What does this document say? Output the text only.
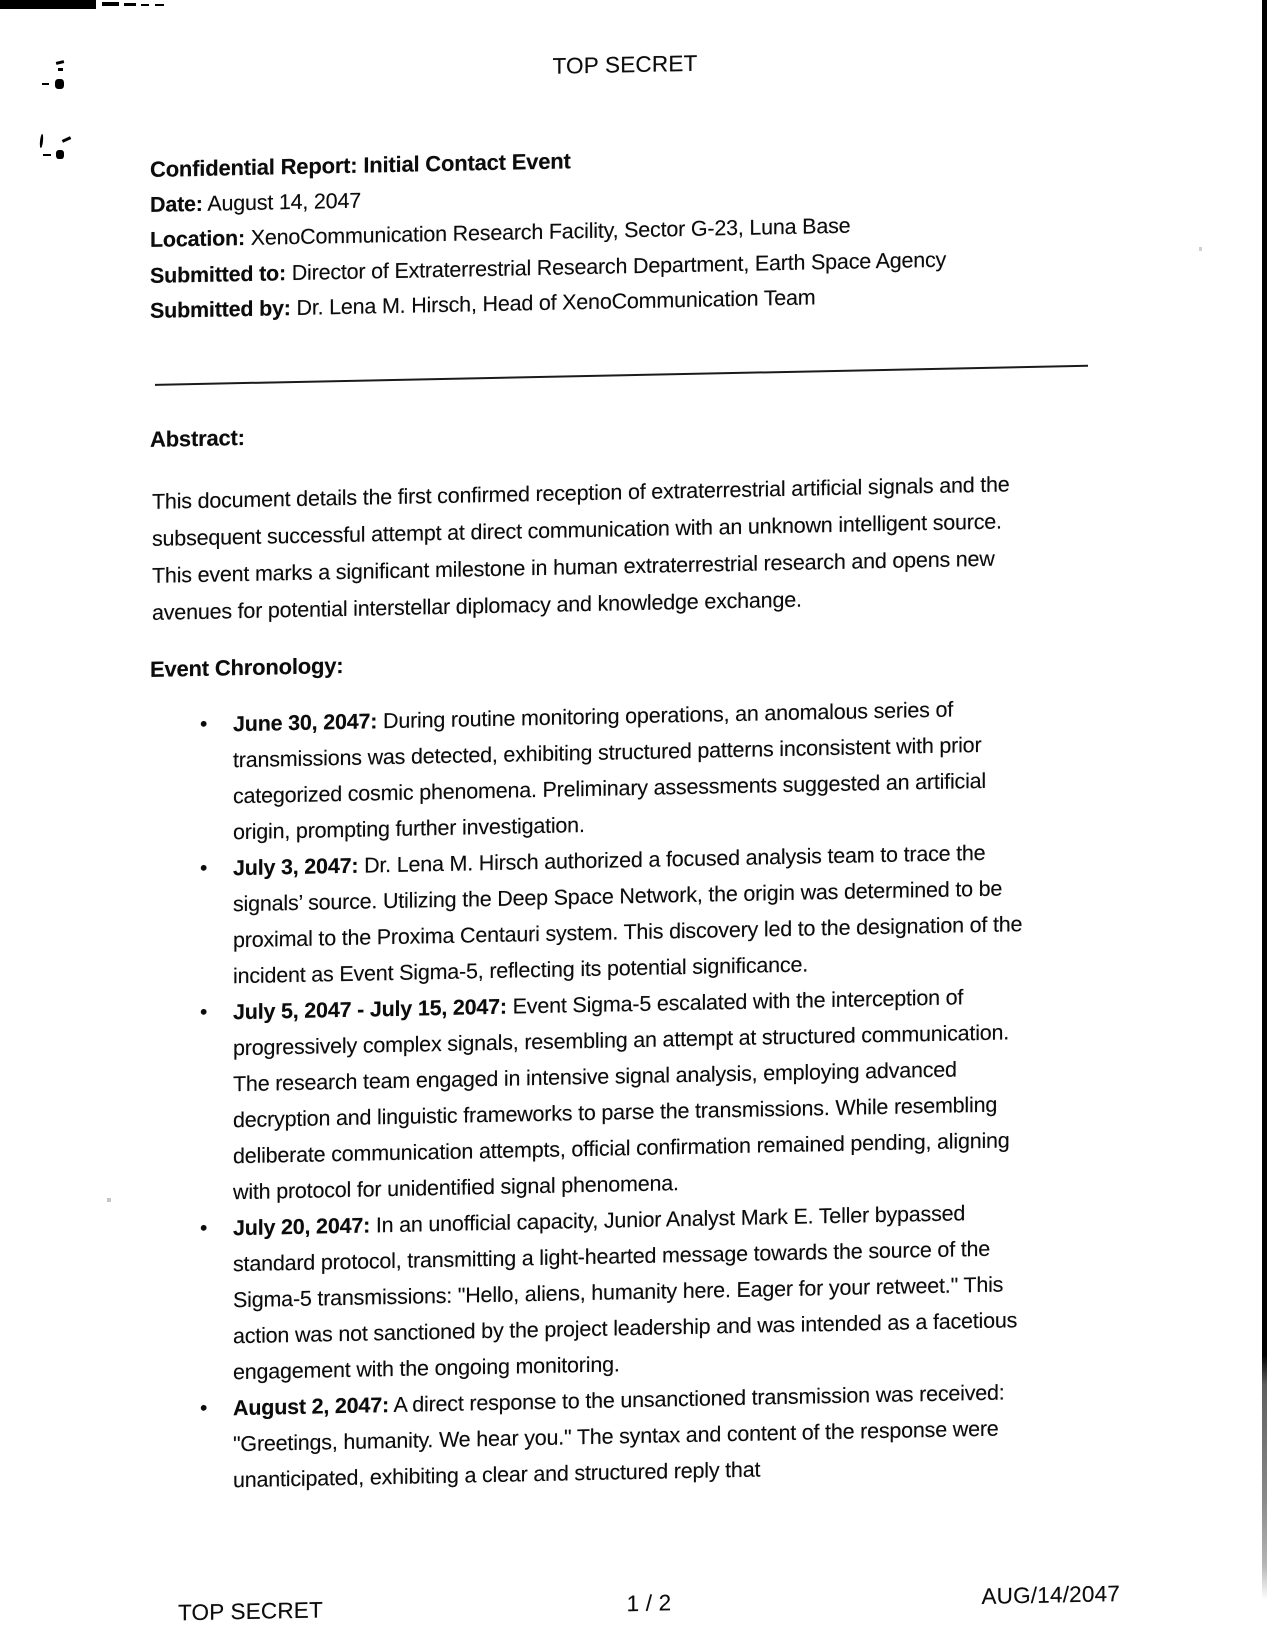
TOP SECRET
Confidential Report: Initial Contact Event
Date: August 14, 2047
Location: XenoCommunication Research Facility, Sector G-23, Luna Base
Submitted to: Director of Extraterrestrial Research Department, Earth Space Agency
Submitted by: Dr. Lena M. Hirsch, Head of XenoCommunication Team
Abstract:

This document details the first confirmed reception of extraterrestrial artificial signals and the subsequent successful attempt at direct communication with an unknown intelligent source. This event marks a significant milestone in human extraterrestrial research and opens new avenues for potential interstellar diplomacy and knowledge exchange.

Event Chronology:
• June 30, 2047: During routine monitoring operations, an anomalous series of transmissions was detected, exhibiting structured patterns inconsistent with prior categorized cosmic phenomena. Preliminary assessments suggested an artificial origin, prompting further investigation.
• July 3, 2047: Dr. Lena M. Hirsch authorized a focused analysis team to trace the signals’ source. Utilizing the Deep Space Network, the origin was determined to be proximal to the Proxima Centauri system. This discovery led to the designation of the incident as Event Sigma-5, reflecting its potential significance.
• July 5, 2047 - July 15, 2047: Event Sigma-5 escalated with the interception of progressively complex signals, resembling an attempt at structured communication. The research team engaged in intensive signal analysis, employing advanced decryption and linguistic frameworks to parse the transmissions. While resembling deliberate communication attempts, official confirmation remained pending, aligning with protocol for unidentified signal phenomena.
• July 20, 2047: In an unofficial capacity, Junior Analyst Mark E. Teller bypassed standard protocol, transmitting a light-hearted message towards the source of the Sigma-5 transmissions: "Hello, aliens, humanity here. Eager for your retweet." This action was not sanctioned by the project leadership and was intended as a facetious engagement with the ongoing monitoring.
• August 2, 2047: A direct response to the unsanctioned transmission was received: "Greetings, humanity. We hear you." The syntax and content of the response were unanticipated, exhibiting a clear and structured reply that
TOP SECRET	1 / 2	AUG/14/2047
